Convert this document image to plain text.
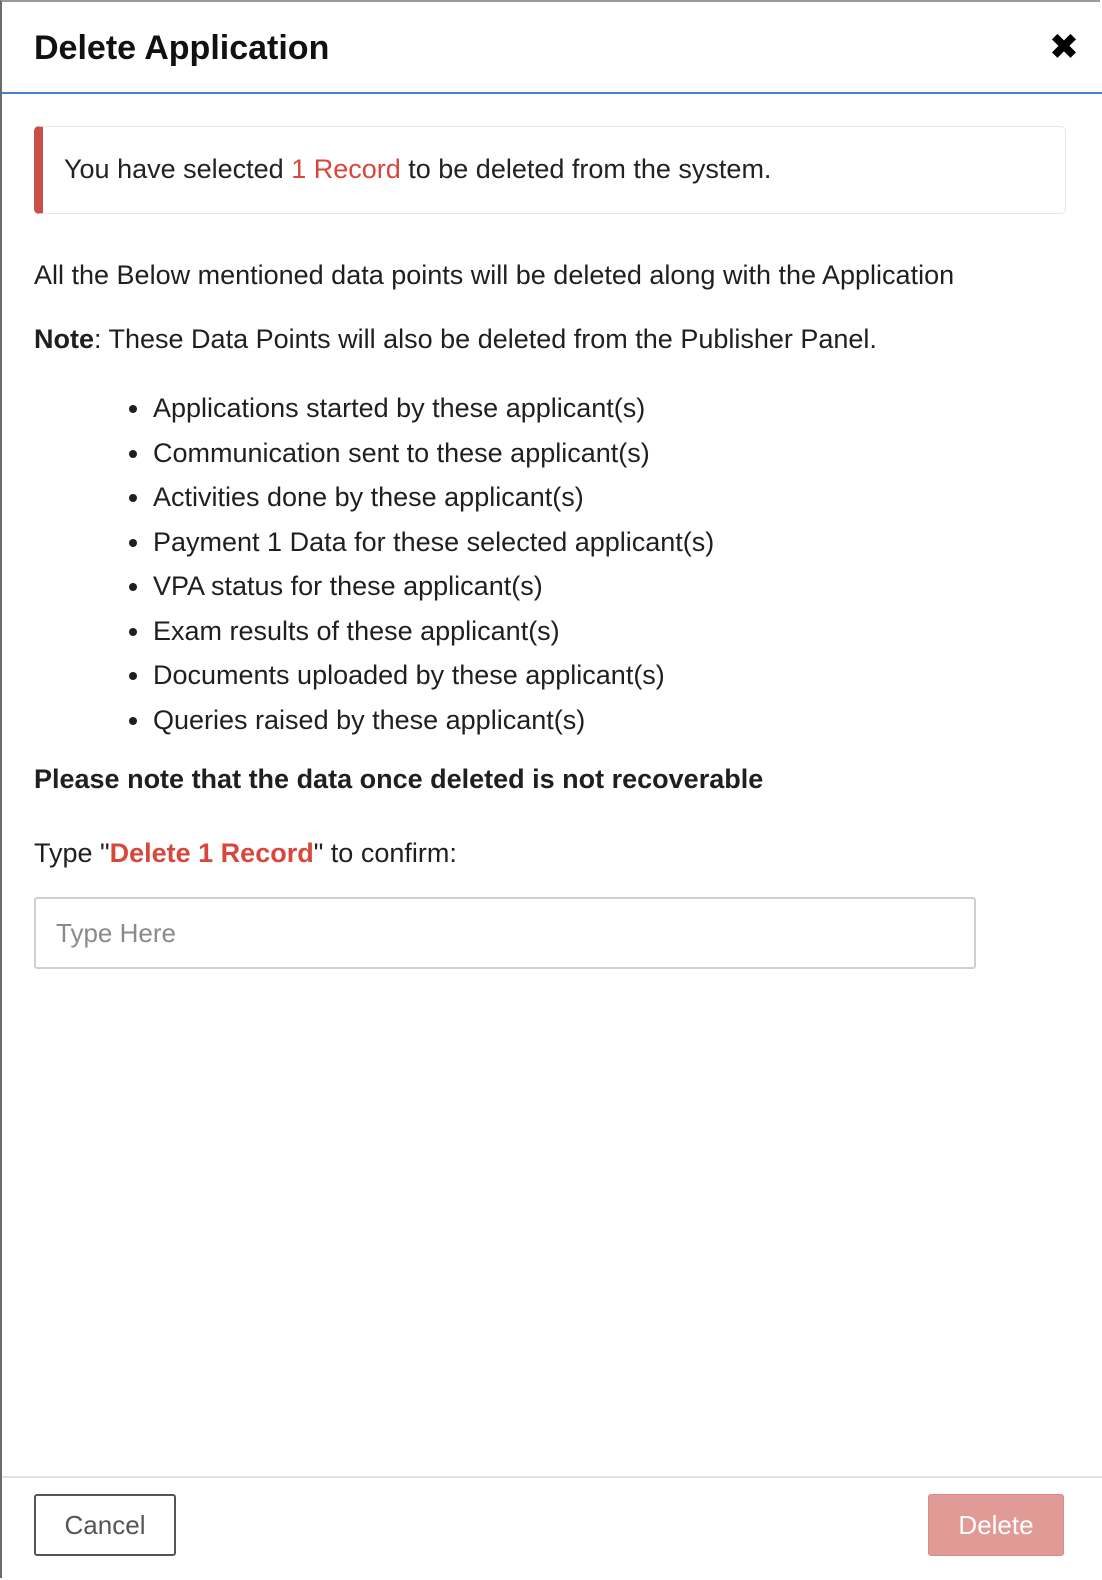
Delete Application	✖
You have selected 1 Record to be deleted from the system.

All the Below mentioned data points will be deleted along with the Application

Note: These Data Points will also be deleted from the Publisher Panel.

Applications started by these applicant(s)
Communication sent to these applicant(s)
Activities done by these applicant(s)
Payment 1 Data for these selected applicant(s)
VPA status for these applicant(s)
Exam results of these applicant(s)
Documents uploaded by these applicant(s)
Queries raised by these applicant(s)

Please note that the data once deleted is not recoverable

Type "Delete 1 Record" to confirm:

Type Here
Cancel	Delete
